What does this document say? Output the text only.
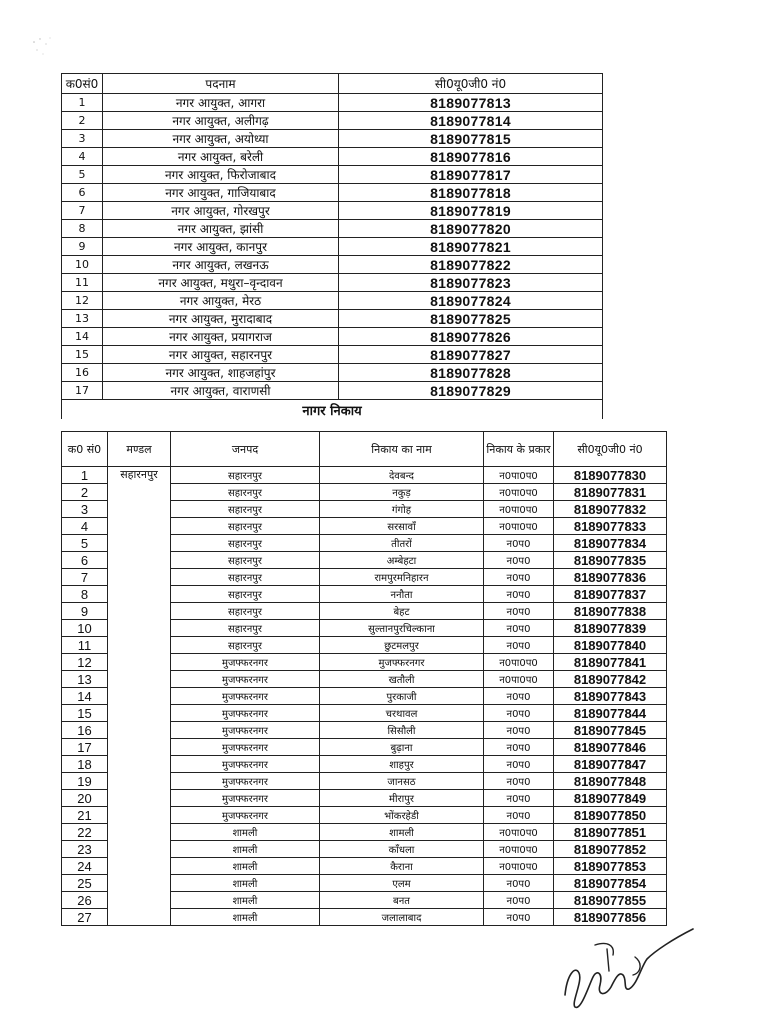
क0सं0	पदनाम	सी0यू0जी0 नं0
1	नगर आयुक्त, आगरा	8189077813
2	नगर आयुक्त, अलीगढ़	8189077814
3	नगर आयुक्त, अयोध्या	8189077815
4	नगर आयुक्त, बरेली	8189077816
5	नगर आयुक्त, फिरोजाबाद	8189077817
6	नगर आयुक्त, गाजियाबाद	8189077818
7	नगर आयुक्त, गोरखपुर	8189077819
8	नगर आयुक्त, झांसी	8189077820
9	नगर आयुक्त, कानपुर	8189077821
10	नगर आयुक्त, लखनऊ	8189077822
11	नगर आयुक्त, मथुरा–वृन्दावन	8189077823
12	नगर आयुक्त, मेरठ	8189077824
13	नगर आयुक्त, मुरादाबाद	8189077825
14	नगर आयुक्त, प्रयागराज	8189077826
15	नगर आयुक्त, सहारनपुर	8189077827
16	नगर आयुक्त, शाहजहांपुर	8189077828
17	नगर आयुक्त, वाराणसी	8189077829
नागर निकाय		
क0 सं0	मण्डल	जनपद	निकाय का नाम	निकाय के प्रकार	सी0यू0जी0 नं0
1	सहारनपुर	सहारनपुर	देवबन्द	न0पा0प0	8189077830
2		सहारनपुर	नकुड़	न0पा0प0	8189077831
3		सहारनपुर	गंगोह	न0पा0प0	8189077832
4		सहारनपुर	सरसावाँ	न0पा0प0	8189077833
5		सहारनपुर	तीतरों	न0प0	8189077834
6		सहारनपुर	अम्बेहटा	न0प0	8189077835
7		सहारनपुर	रामपुरमनिहारन	न0प0	8189077836
8		सहारनपुर	ननौता	न0प0	8189077837
9		सहारनपुर	बेहट	न0प0	8189077838
10		सहारनपुर	सुल्तानपुरचिल्काना	न0प0	8189077839
11		सहारनपुर	छुटमलपुर	न0प0	8189077840
12		मुजफ्फरनगर	मुजफ्फरनगर	न0पा0प0	8189077841
13		मुजफ्फरनगर	खतौली	न0पा0प0	8189077842
14		मुजफ्फरनगर	पुरकाजी	न0प0	8189077843
15		मुजफ्फरनगर	चरथावल	न0प0	8189077844
16		मुजफ्फरनगर	सिसौली	न0प0	8189077845
17		मुजफ्फरनगर	बुढ़ाना	न0प0	8189077846
18		मुजफ्फरनगर	शाहपुर	न0प0	8189077847
19		मुजफ्फरनगर	जानसठ	न0प0	8189077848
20		मुजफ्फरनगर	मीरापुर	न0प0	8189077849
21		मुजफ्फरनगर	भोंकरहेडी	न0प0	8189077850
22		शामली	शामली	न0पा0प0	8189077851
23		शामली	काँधला	न0पा0प0	8189077852
24		शामली	कैराना	न0पा0प0	8189077853
25		शामली	एलम	न0प0	8189077854
26		शामली	बनत	न0प0	8189077855
27		शामली	जलालाबाद	न0प0	8189077856
